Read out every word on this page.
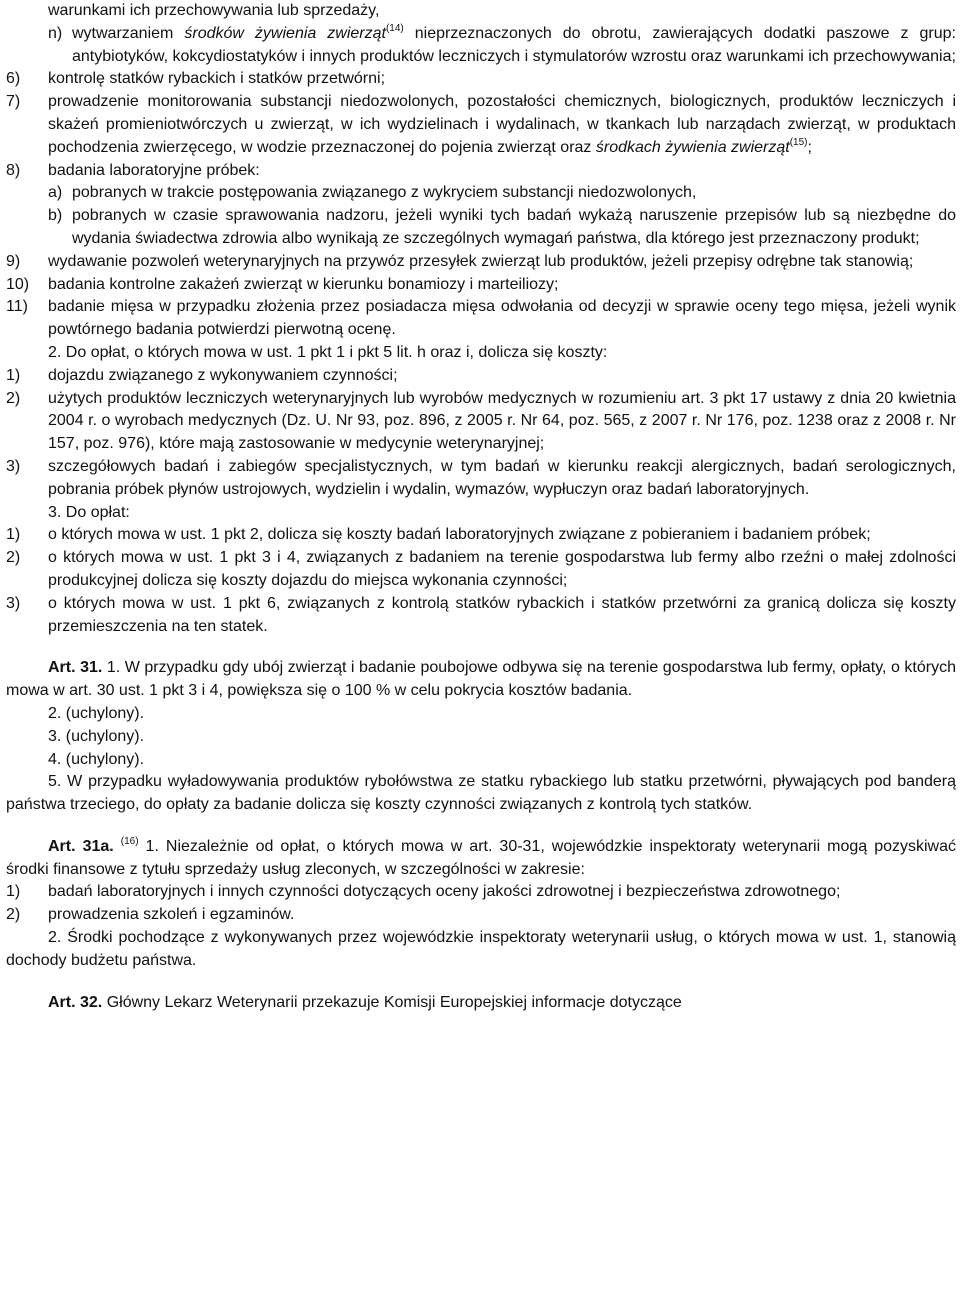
warunkami ich przechowywania lub sprzedaży,

n) wytwarzaniem środków żywienia zwierząt$^{(14)}$ nieprzeznaczonych do obrotu, zawierających dodatki paszowe z grup: antybiotyków, kokcydiostatyków i innych produktów leczniczych i stymulatorów wzrostu oraz warunkami ich przechowywania;

6)	kontrolę statków rybackich i statków przetwórni;

7)	prowadzenie monitorowania substancji niedozwolonych, pozostałości chemicznych, biologicznych, produktów leczniczych i skażeń promieniotwórczych u zwierząt, w ich wydzielinach i wydalinach, w tkankach lub narządach zwierząt, w produktach pochodzenia zwierzęcego, w wodzie przeznaczonej do pojenia zwierząt oraz środkach żywienia zwierząt$^{(15)}$;

8)	badania laboratoryjne próbek:

a) pobranych w trakcie postępowania związanego z wykryciem substancji niedozwolonych,

b) pobranych w czasie sprawowania nadzoru, jeżeli wyniki tych badań wykażą naruszenie przepisów lub są niezbędne do wydania świadectwa zdrowia albo wynikają ze szczególnych wymagań państwa, dla którego jest przeznaczony produkt;

9)	wydawanie pozwoleń weterynaryjnych na przywóz przesyłek zwierząt lub produktów, jeżeli przepisy odrębne tak stanowią;

10)	badania kontrolne zakażeń zwierząt w kierunku bonamiozy i marteiliozy;

11)	badanie mięsa w przypadku złożenia przez posiadacza mięsa odwołania od decyzji w sprawie oceny tego mięsa, jeżeli wynik powtórnego badania potwierdzi pierwotną ocenę.

2. Do opłat, o których mowa w ust. 1 pkt 1 i pkt 5 lit. h oraz i, dolicza się koszty:

1)	dojazdu związanego z wykonywaniem czynności;

2)	użytych produktów leczniczych weterynaryjnych lub wyrobów medycznych w rozumieniu art. 3 pkt 17 ustawy z dnia 20 kwietnia 2004 r. o wyrobach medycznych (Dz. U. Nr 93, poz. 896, z 2005 r. Nr 64, poz. 565, z 2007 r. Nr 176, poz. 1238 oraz z 2008 r. Nr 157, poz. 976), które mają zastosowanie w medycynie weterynaryjnej;

3)	szczegółowych badań i zabiegów specjalistycznych, w tym badań w kierunku reakcji alergicznych, badań serologicznych, pobrania próbek płynów ustrojowych, wydzielin i wydalin, wymazów, wypłuczyn oraz badań laboratoryjnych.

3. Do opłat:

1)	o których mowa w ust. 1 pkt 2, dolicza się koszty badań laboratoryjnych związane z pobieraniem i badaniem próbek;

2)	o których mowa w ust. 1 pkt 3 i 4, związanych z badaniem na terenie gospodarstwa lub fermy albo rzeźni o małej zdolności produkcyjnej dolicza się koszty dojazdu do miejsca wykonania czynności;

3)	o których mowa w ust. 1 pkt 6, związanych z kontrolą statków rybackich i statków przetwórni za granicą dolicza się koszty przemieszczenia na ten statek.

Art. 31. 1. W przypadku gdy ubój zwierząt i badanie poubojowe odbywa się na terenie gospodarstwa lub fermy, opłaty, o których mowa w art. 30 ust. 1 pkt 3 i 4, powiększa się o 100 % w celu pokrycia kosztów badania.

2. (uchylony).

3. (uchylony).

4. (uchylony).

5. W przypadku wyładowywania produktów rybołówstwa ze statku rybackiego lub statku przetwórni, pływających pod banderą państwa trzeciego, do opłaty za badanie dolicza się koszty czynności związanych z kontrolą tych statków.

Art. 31a. $^{(16)}$ 1. Niezależnie od opłat, o których mowa w art. 30-31, wojewódzkie inspektoraty weterynarii mogą pozyskiwać środki finansowe z tytułu sprzedaży usług zleconych, w szczególności w zakresie:

1)	badań laboratoryjnych i innych czynności dotyczących oceny jakości zdrowotnej i bezpieczeństwa zdrowotnego;

2)	prowadzenia szkoleń i egzaminów.

2. Środki pochodzące z wykonywanych przez wojewódzkie inspektoraty weterynarii usług, o których mowa w ust. 1, stanowią dochody budżetu państwa.

Art. 32. Główny Lekarz Weterynarii przekazuje Komisji Europejskiej informacje dotyczące
